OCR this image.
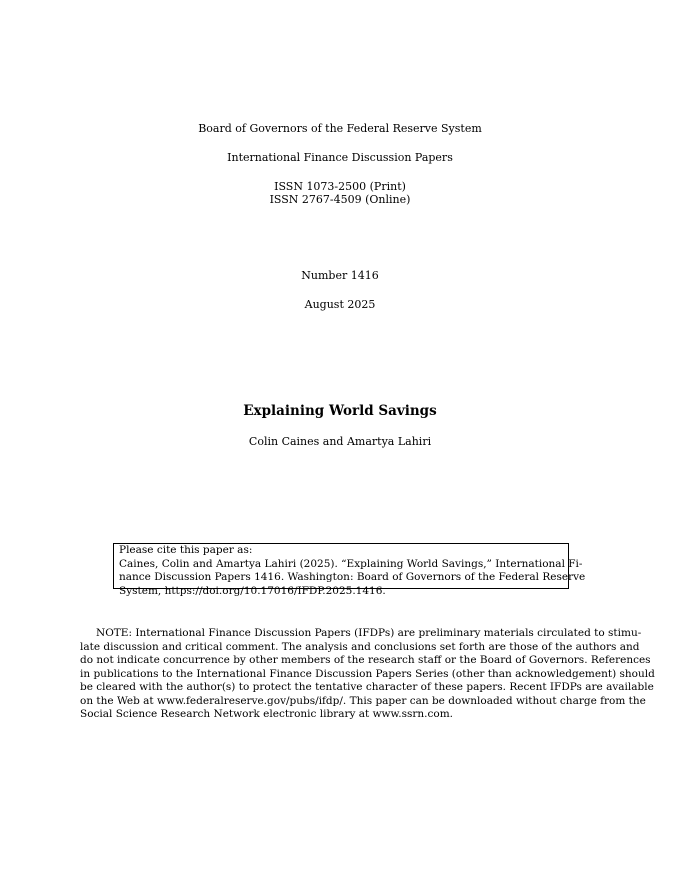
Board of Governors of the Federal Reserve System
International Finance Discussion Papers
ISSN 1073-2500 (Print)
ISSN 2767-4509 (Online)
Number 1416
August 2025
Explaining World Savings
Colin Caines and Amartya Lahiri
Please cite this paper as:
Caines, Colin and Amartya Lahiri (2025). “Explaining World Savings,” International Fi-
nance Discussion Papers 1416. Washington: Board of Governors of the Federal Reserve
System, https://doi.org/10.17016/IFDP.2025.1416.
NOTE: International Finance Discussion Papers (IFDPs) are preliminary materials circulated to stimu-
late discussion and critical comment. The analysis and conclusions set forth are those of the authors and
do not indicate concurrence by other members of the research staff or the Board of Governors. References
in publications to the International Finance Discussion Papers Series (other than acknowledgement) should
be cleared with the author(s) to protect the tentative character of these papers. Recent IFDPs are available
on the Web at www.federalreserve.gov/pubs/ifdp/. This paper can be downloaded without charge from the
Social Science Research Network electronic library at www.ssrn.com.
